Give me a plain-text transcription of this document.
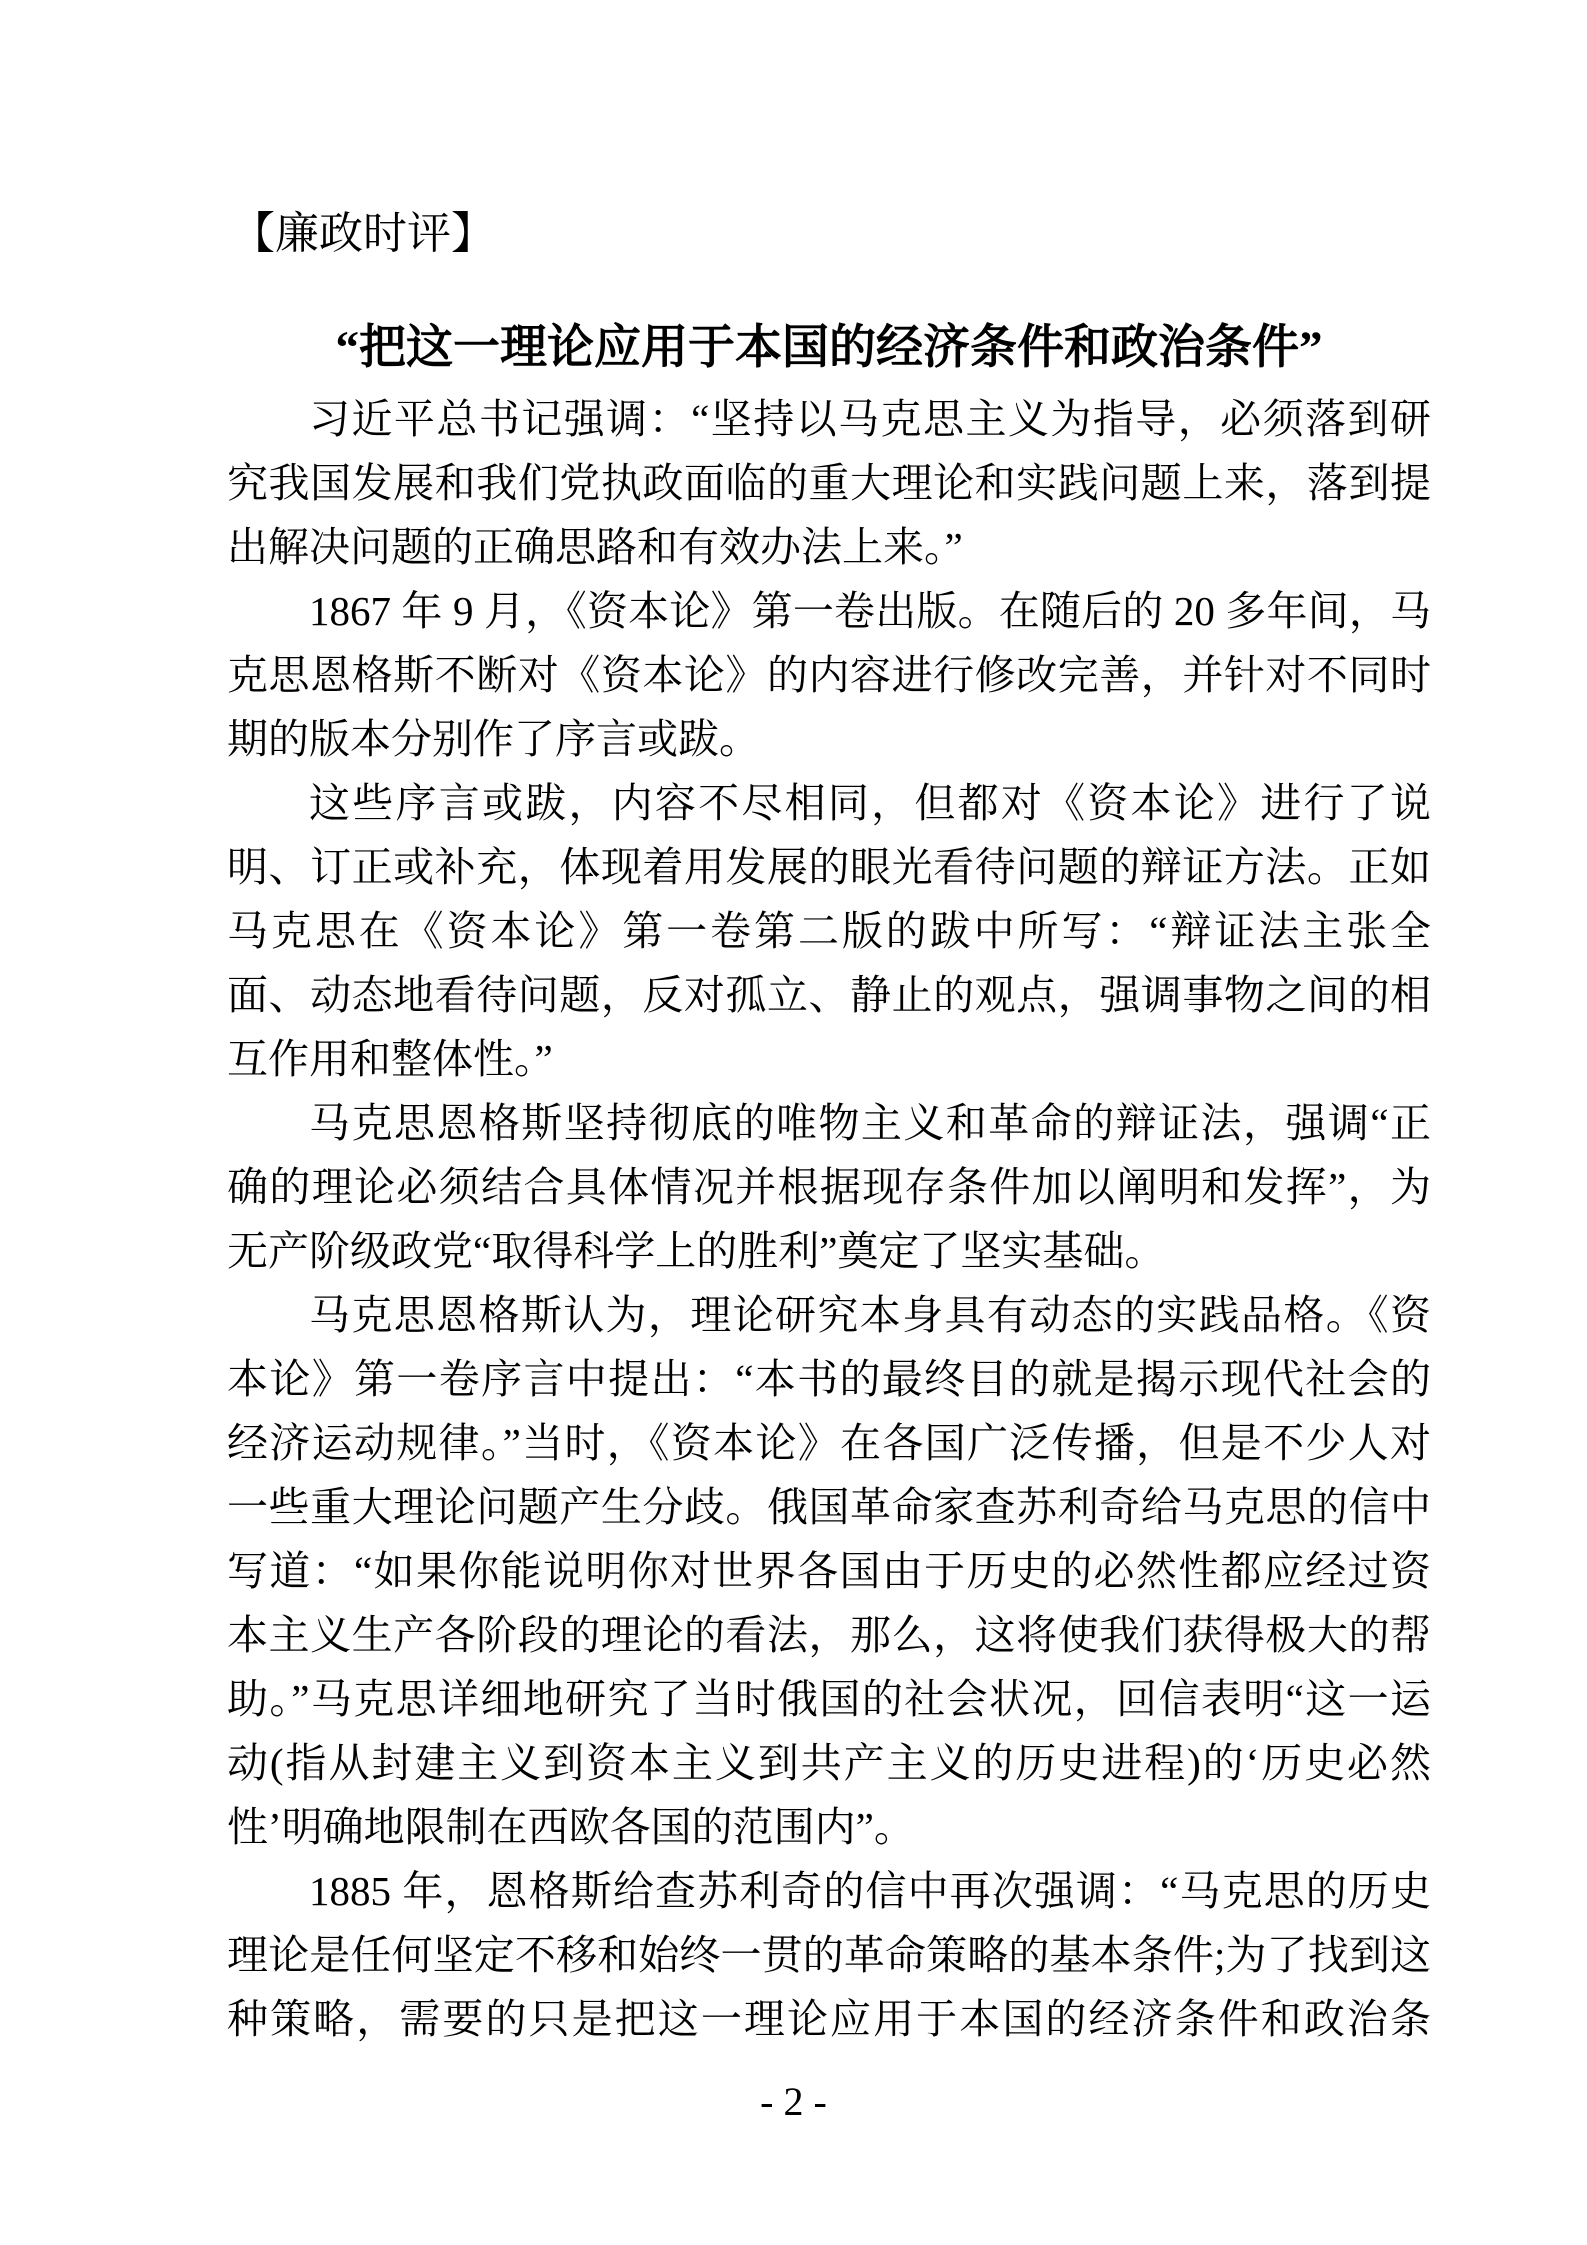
【廉政时评】
“把这一理论应用于本国的经济条件和政治条件”

习近平总书记强调：“坚持以马克思主义为指导，必须落到研究我国发展和我们党执政面临的重大理论和实践问题上来，落到提出解决问题的正确思路和有效办法上来。”

1867 年 9 月，《资本论》第一卷出版。在随后的 20 多年间，马克思恩格斯不断对《资本论》的内容进行修改完善，并针对不同时期的版本分别作了序言或跋。

这些序言或跋，内容不尽相同，但都对《资本论》进行了说明、订正或补充，体现着用发展的眼光看待问题的辩证方法。正如马克思在《资本论》第一卷第二版的跋中所写：“辩证法主张全面、动态地看待问题，反对孤立、静止的观点，强调事物之间的相互作用和整体性。”

马克思恩格斯坚持彻底的唯物主义和革命的辩证法，强调“正确的理论必须结合具体情况并根据现存条件加以阐明和发挥”，为无产阶级政党“取得科学上的胜利”奠定了坚实基础。

马克思恩格斯认为，理论研究本身具有动态的实践品格。《资本论》第一卷序言中提出：“本书的最终目的就是揭示现代社会的经济运动规律。”当时，《资本论》在各国广泛传播，但是不少人对一些重大理论问题产生分歧。俄国革命家查苏利奇给马克思的信中写道：“如果你能说明你对世界各国由于历史的必然性都应经过资本主义生产各阶段的理论的看法，那么，这将使我们获得极大的帮助。”马克思详细地研究了当时俄国的社会状况，回信表明“这一运动(指从封建主义到资本主义到共产主义的历史进程)的‘历史必然性’明确地限制在西欧各国的范围内”。

1885 年，恩格斯给查苏利奇的信中再次强调：“马克思的历史理论是任何坚定不移和始终一贯的革命策略的基本条件;为了找到这种策略，需要的只是把这一理论应用于本国的经济条件和政治条

- 2 -
